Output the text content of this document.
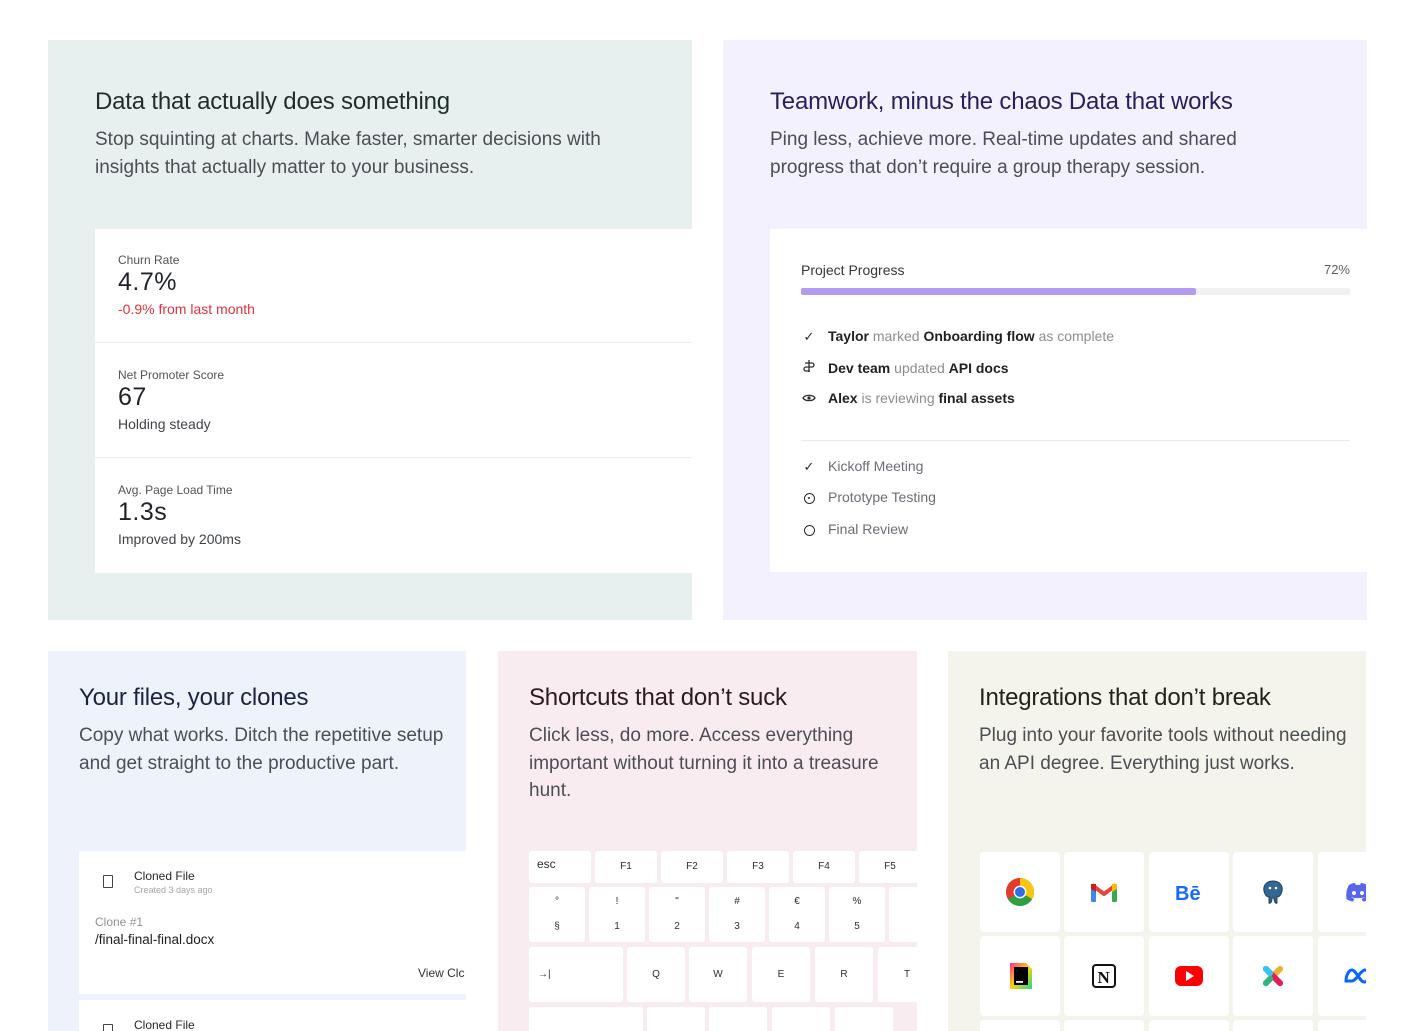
Data that actually does something

Stop squinting at charts. Make faster, smarter decisions with insights that actually matter to your business.

Churn Rate
4.7%
-0.9% from last month
Net Promoter Score
67
Holding steady
Avg. Page Load Time
1.3s
Improved by 200ms
Teamwork, minus the chaos Data that works

Ping less, achieve more. Real-time updates and shared progress that don’t require a group therapy session.

Project Progress	72%
✓ Taylor marked Onboarding flow as complete
Dev team updated API docs
Alex is reviewing final assets
✓ Kickoff Meeting
Prototype Testing
Final Review
Your files, your clones

Copy what works. Ditch the repetitive setup and get straight to the productive part.

Cloned File
Created 3 days ago
Clone #1
/final-final-final.docx
View Clc
Cloned File
Shortcuts that don’t suck

Click less, do more. Access everything important without turning it into a treasure hunt.

esc	F1	F2	F3	F4	F5
°
§
!
1
"
2
#
3
€
4
%
5
→|	Q	W	E	R	T
Integrations that don’t break

Plug into your favorite tools without needing an API degree. Everything just works.

Bē
N
